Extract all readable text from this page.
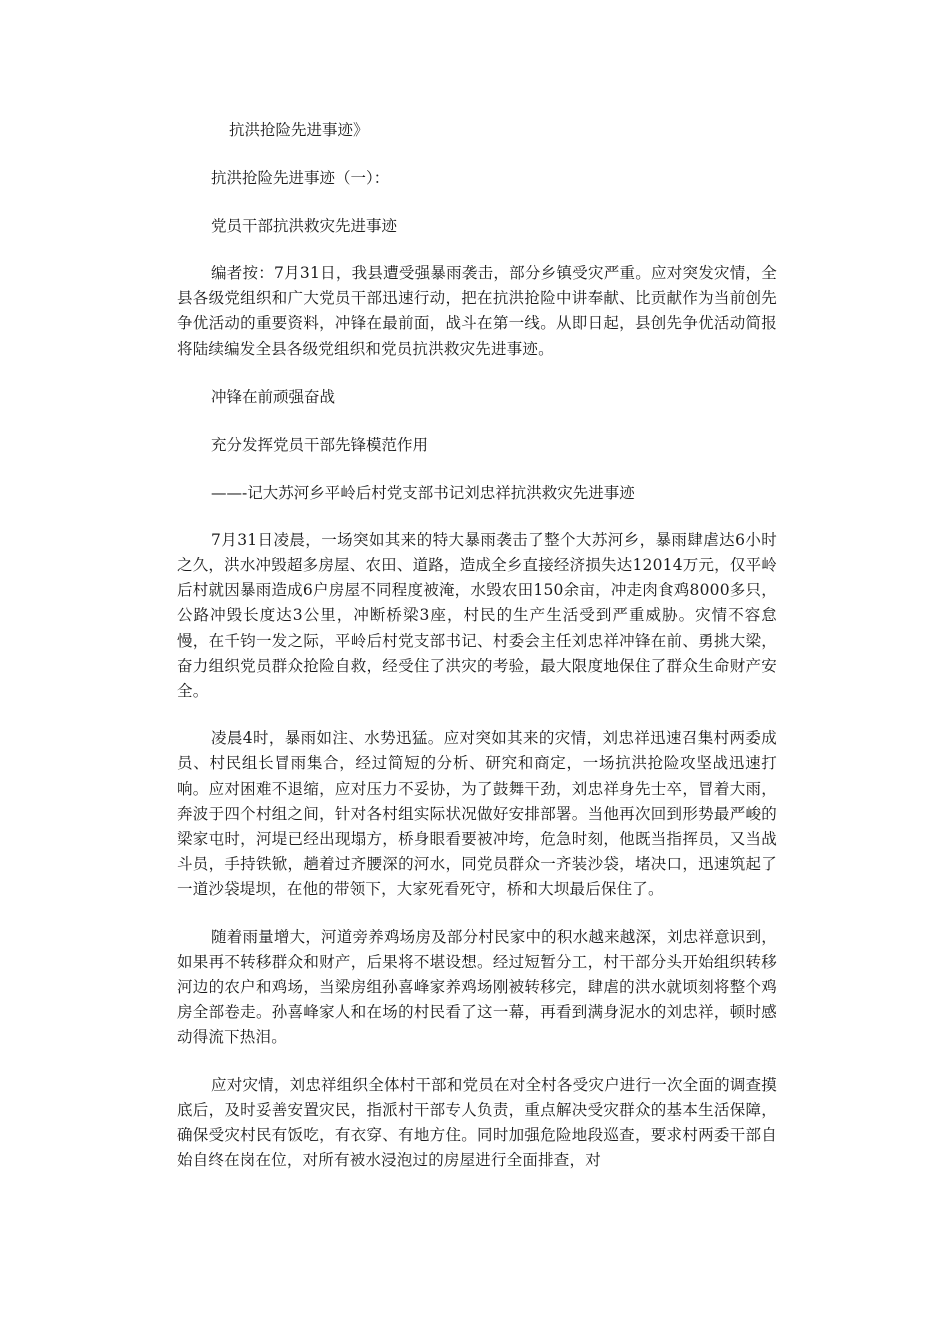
抗洪抢险先进事迹》

抗洪抢险先进事迹（一）：

党员干部抗洪救灾先进事迹

编者按：7月31日，我县遭受强暴雨袭击，部分乡镇受灾严重。应对突发灾情，全县各级党组织和广大党员干部迅速行动，把在抗洪抢险中讲奉献、比贡献作为当前创先争优活动的重要资料，冲锋在最前面，战斗在第一线。从即日起，县创先争优活动简报将陆续编发全县各级党组织和党员抗洪救灾先进事迹。

冲锋在前顽强奋战

充分发挥党员干部先锋模范作用

——-记大苏河乡平岭后村党支部书记刘忠祥抗洪救灾先进事迹

7月31日凌晨，一场突如其来的特大暴雨袭击了整个大苏河乡，暴雨肆虐达6小时之久，洪水冲毁超多房屋、农田、道路，造成全乡直接经济损失达12014万元，仅平岭后村就因暴雨造成6户房屋不同程度被淹，水毁农田150余亩，冲走肉食鸡8000多只，公路冲毁长度达3公里，冲断桥梁3座，村民的生产生活受到严重威胁。灾情不容怠慢，在千钧一发之际，平岭后村党支部书记、村委会主任刘忠祥冲锋在前、勇挑大梁，奋力组织党员群众抢险自救，经受住了洪灾的考验，最大限度地保住了群众生命财产安全。

凌晨4时，暴雨如注、水势迅猛。应对突如其来的灾情，刘忠祥迅速召集村两委成员、村民组长冒雨集合，经过简短的分析、研究和商定，一场抗洪抢险攻坚战迅速打响。应对困难不退缩，应对压力不妥协，为了鼓舞干劲，刘忠祥身先士卒，冒着大雨，奔波于四个村组之间，针对各村组实际状况做好安排部署。当他再次回到形势最严峻的梁家屯时，河堤已经出现塌方，桥身眼看要被冲垮，危急时刻，他既当指挥员，又当战斗员，手持铁锨，趟着过齐腰深的河水，同党员群众一齐装沙袋，堵决口，迅速筑起了一道沙袋堤坝，在他的带领下，大家死看死守，桥和大坝最后保住了。

随着雨量增大，河道旁养鸡场房及部分村民家中的积水越来越深，刘忠祥意识到，如果再不转移群众和财产，后果将不堪设想。经过短暂分工，村干部分头开始组织转移河边的农户和鸡场，当梁房组孙喜峰家养鸡场刚被转移完，肆虐的洪水就顷刻将整个鸡房全部卷走。孙喜峰家人和在场的村民看了这一幕，再看到满身泥水的刘忠祥，顿时感动得流下热泪。

应对灾情，刘忠祥组织全体村干部和党员在对全村各受灾户进行一次全面的调查摸底后，及时妥善安置灾民，指派村干部专人负责，重点解决受灾群众的基本生活保障，确保受灾村民有饭吃，有衣穿、有地方住。同时加强危险地段巡查，要求村两委干部自始自终在岗在位，对所有被水浸泡过的房屋进行全面排查，对
